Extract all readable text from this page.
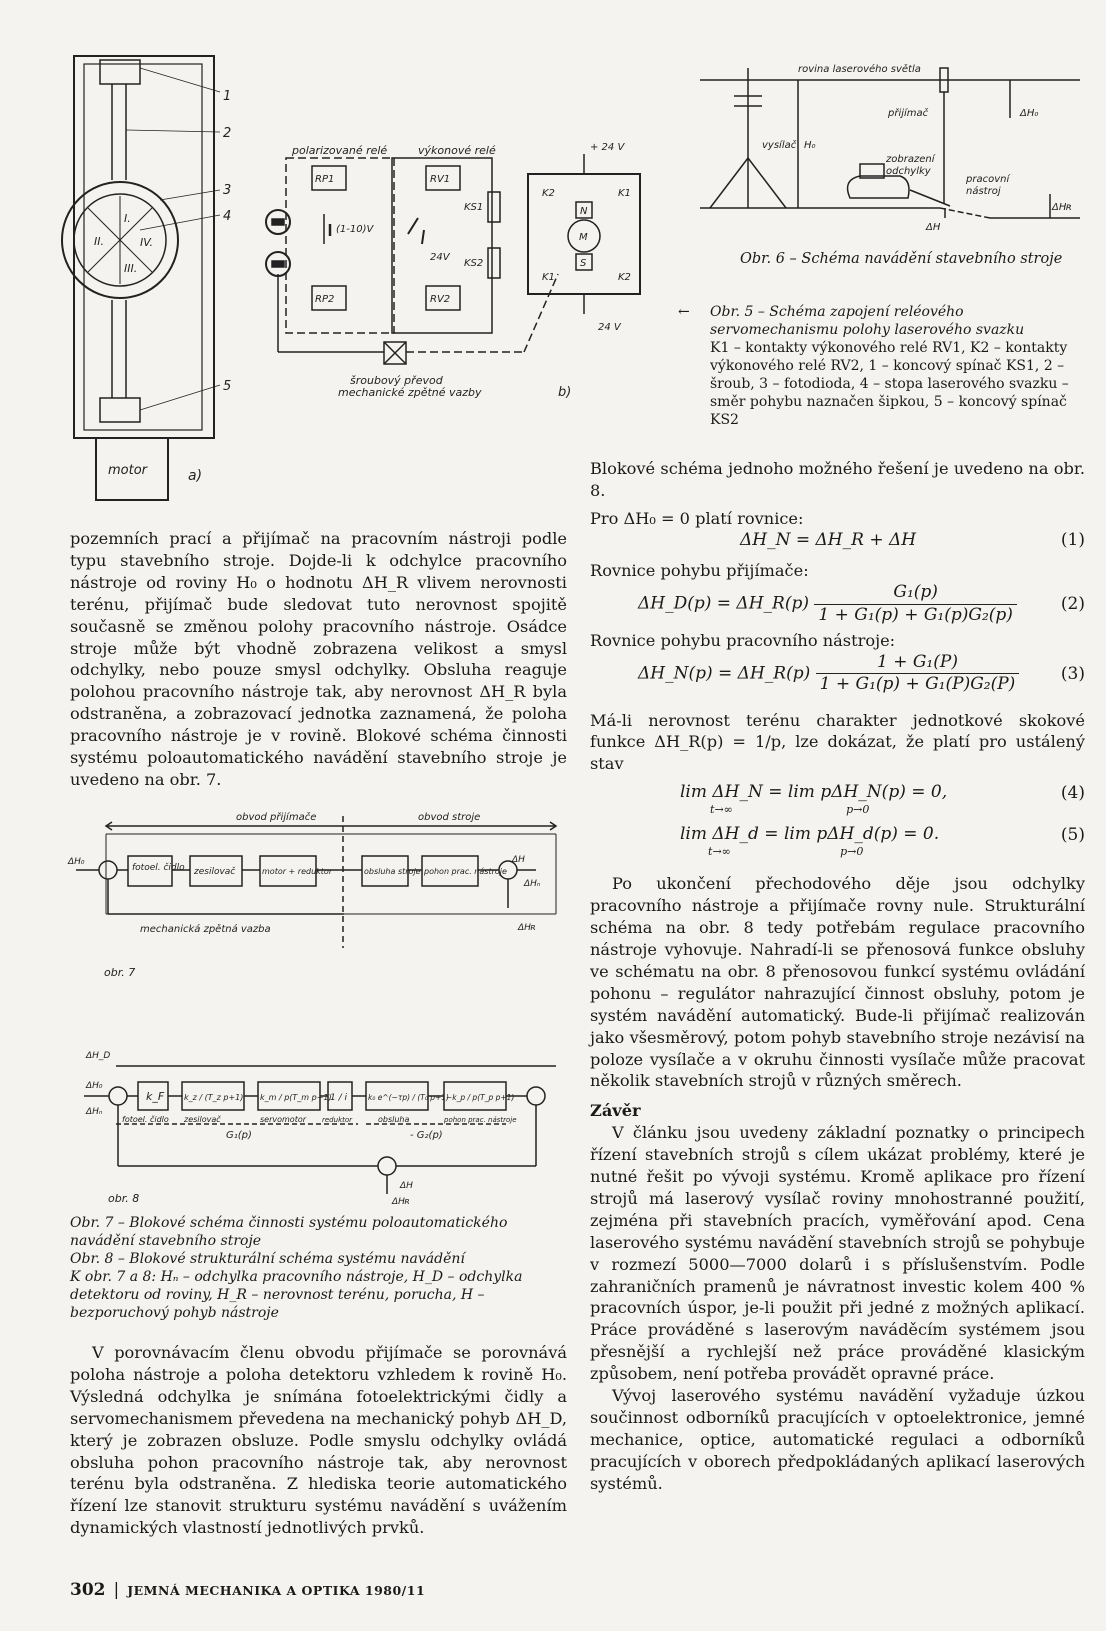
1
2
3
4
5
I.
II.
III.
IV.
motor	a)
polarizované relé	výkonové relé
RP1
RP2
RV1
RV2
KS1
KS2
(1-10)V
24V
+ 24 V
24 V
K1
K2
K1	K2
M
N
S
šroubový převod
mechanické zpětné vazby	b)
rovina laserového světla
přijímač	ΔH₀
vysílač H₀
zobrazení
odchylky
pracovní
nástroj
ΔH
ΔHʀ
Obr. 6 – Schéma navádění stavebního stroje
← Obr. 5 – Schéma zapojení reléového servomechanismu polohy laserového svazku
K1 – kontakty výkonového relé RV1, K2 – kontakty výkonového relé RV2, 1 – koncový spínač KS1, 2 – šroub, 3 – fotodioda, 4 – stopa laserového svazku – směr pohybu naznačen šipkou, 5 – koncový spínač KS2

pozemních prací a přijímač na pracovním nástroji podle typu stavebního stroje. Dojde-li k odchylce pracovního nástroje od roviny H₀ o hodnotu ΔH_R vlivem nerovnosti terénu, přijímač bude sledovat tuto nerovnost spojitě současně se změnou polohy pracovního nástroje. Osádce stroje může být vhodně zobrazena velikost a smysl odchylky, nebo pouze smysl odchylky. Obsluha reaguje polohou pracovního nástroje tak, aby nerovnost ΔH_R byla odstraněna, a zobrazovací jednotka zaznamená, že poloha pracovního nástroje je v rovině. Blokové schéma činnosti systému poloautomatického navádění stavebního stroje je uvedeno na obr. 7.

obvod přijímače	obvod stroje
fotoel. čidlo zesilovač	motor + reduktor	obsluha stroje pohon prac. nástroje
mechanická zpětná vazba
ΔH₀	ΔH
ΔHʀ
ΔHₙ
obr. 7
k_F k_z / (T_z p+1) k_m / p(T_m p+1)
1 / i	k₀ e^(−τp) / (T₀ p+1)
−k_p / p(T_p p+1)
fotoel. čidlo zesilovač	servomotor reduktor	obsluha	pohon prac. nástroje
G₁(p)	- G₂(p)
ΔH_D
ΔH₀
ΔHₙ
ΔH
ΔHʀ
obr. 8
Obr. 7 – Blokové schéma činnosti systému poloautomatického navádění stavebního stroje
Obr. 8 – Blokové strukturální schéma systému navádění
K obr. 7 a 8: Hₙ – odchylka pracovního nástroje, H_D – odchylka detektoru od roviny, H_R – nerovnost terénu, porucha, H – bezporuchový pohyb nástroje

V porovnávacím členu obvodu přijímače se porovnává poloha nástroje a poloha detektoru vzhledem k rovině H₀. Výsledná odchylka je snímána fotoelektrickými čidly a servomechanismem převedena na mechanický pohyb ΔH_D, který je zobrazen obsluze. Podle smyslu odchylky ovládá obsluha pohon pracovního nástroje tak, aby nerovnost terénu byla odstraněna. Z hlediska teorie automatického řízení lze stanovit strukturu systému navádění s uvážením dynamických vlastností jednotlivých prvků.

Blokové schéma jednoho možného řešení je uvedeno na obr. 8.

Pro ΔH₀ = 0 platí rovnice:

ΔH_N = ΔH_R + ΔH	(1)

Rovnice pohybu přijímače:

ΔH_D(p) = ΔH_R(p) $\frac{\text{G₁(p)}}{\text{1 + G₁(p) + G₁(p)G₂(p)}}$	(2)

Rovnice pohybu pracovního nástroje:

ΔH_N(p) = ΔH_R(p) $\frac{\text{1 + G₁(P)}}{\text{1 + G₁(p) + G₁(P)G₂(P)}} (3)$

Má-li nerovnost terénu charakter jednotkové skokové funkce ΔH_R(p) = 1/p, lze dokázat, že platí pro ustálený stav

lim ΔH_N
t→∞
= lim pΔH_N(p) = 0,
p→0
(4)
lim ΔH_d
t→∞
= lim pΔH_d(p) = 0.
p→0
(5)

Po ukončení přechodového děje jsou odchylky pracovního nástroje a přijímače rovny nule. Strukturální schéma na obr. 8 tedy potřebám regulace pracovního nástroje vyhovuje. Nahradí-li se přenosová funkce obsluhy ve schématu na obr. 8 přenosovou funkcí systému ovládání pohonu – regulátor nahrazující činnost obsluhy, potom je systém navádění automatický. Bude-li přijímač realizován jako všesměrový, potom pohyb stavebního stroje nezávisí na poloze vysílače a v okruhu činnosti vysílače může pracovat několik stavebních strojů v různých směrech.

Závěr

V článku jsou uvedeny základní poznatky o principech řízení stavebních strojů s cílem ukázat problémy, které je nutné řešit po vývoji systému. Kromě aplikace pro řízení strojů má laserový vysílač roviny mnohostranné použití, zejména při stavebních pracích, vyměřování apod. Cena laserového systému navádění stavebních strojů se pohybuje v rozmezí 5000—7000 dolarů i s příslušenstvím. Podle zahraničních pramenů je návratnost investic kolem 400 % pracovních úspor, je-li použit při jedné z možných aplikací. Práce prováděné s laserovým naváděcím systémem jsou přesnější a rychlejší než práce prováděné klasickým způsobem, není potřeba provádět opravné práce.

Vývoj laserového systému navádění vyžaduje úzkou součinnost odborníků pracujících v optoelektronice, jemné mechanice, optice, automatické regulaci a odborníků pracujících v oborech předpokládaných aplikací laserových systémů.

302 | JEMNÁ MECHANIKA A OPTIKA 1980/11
